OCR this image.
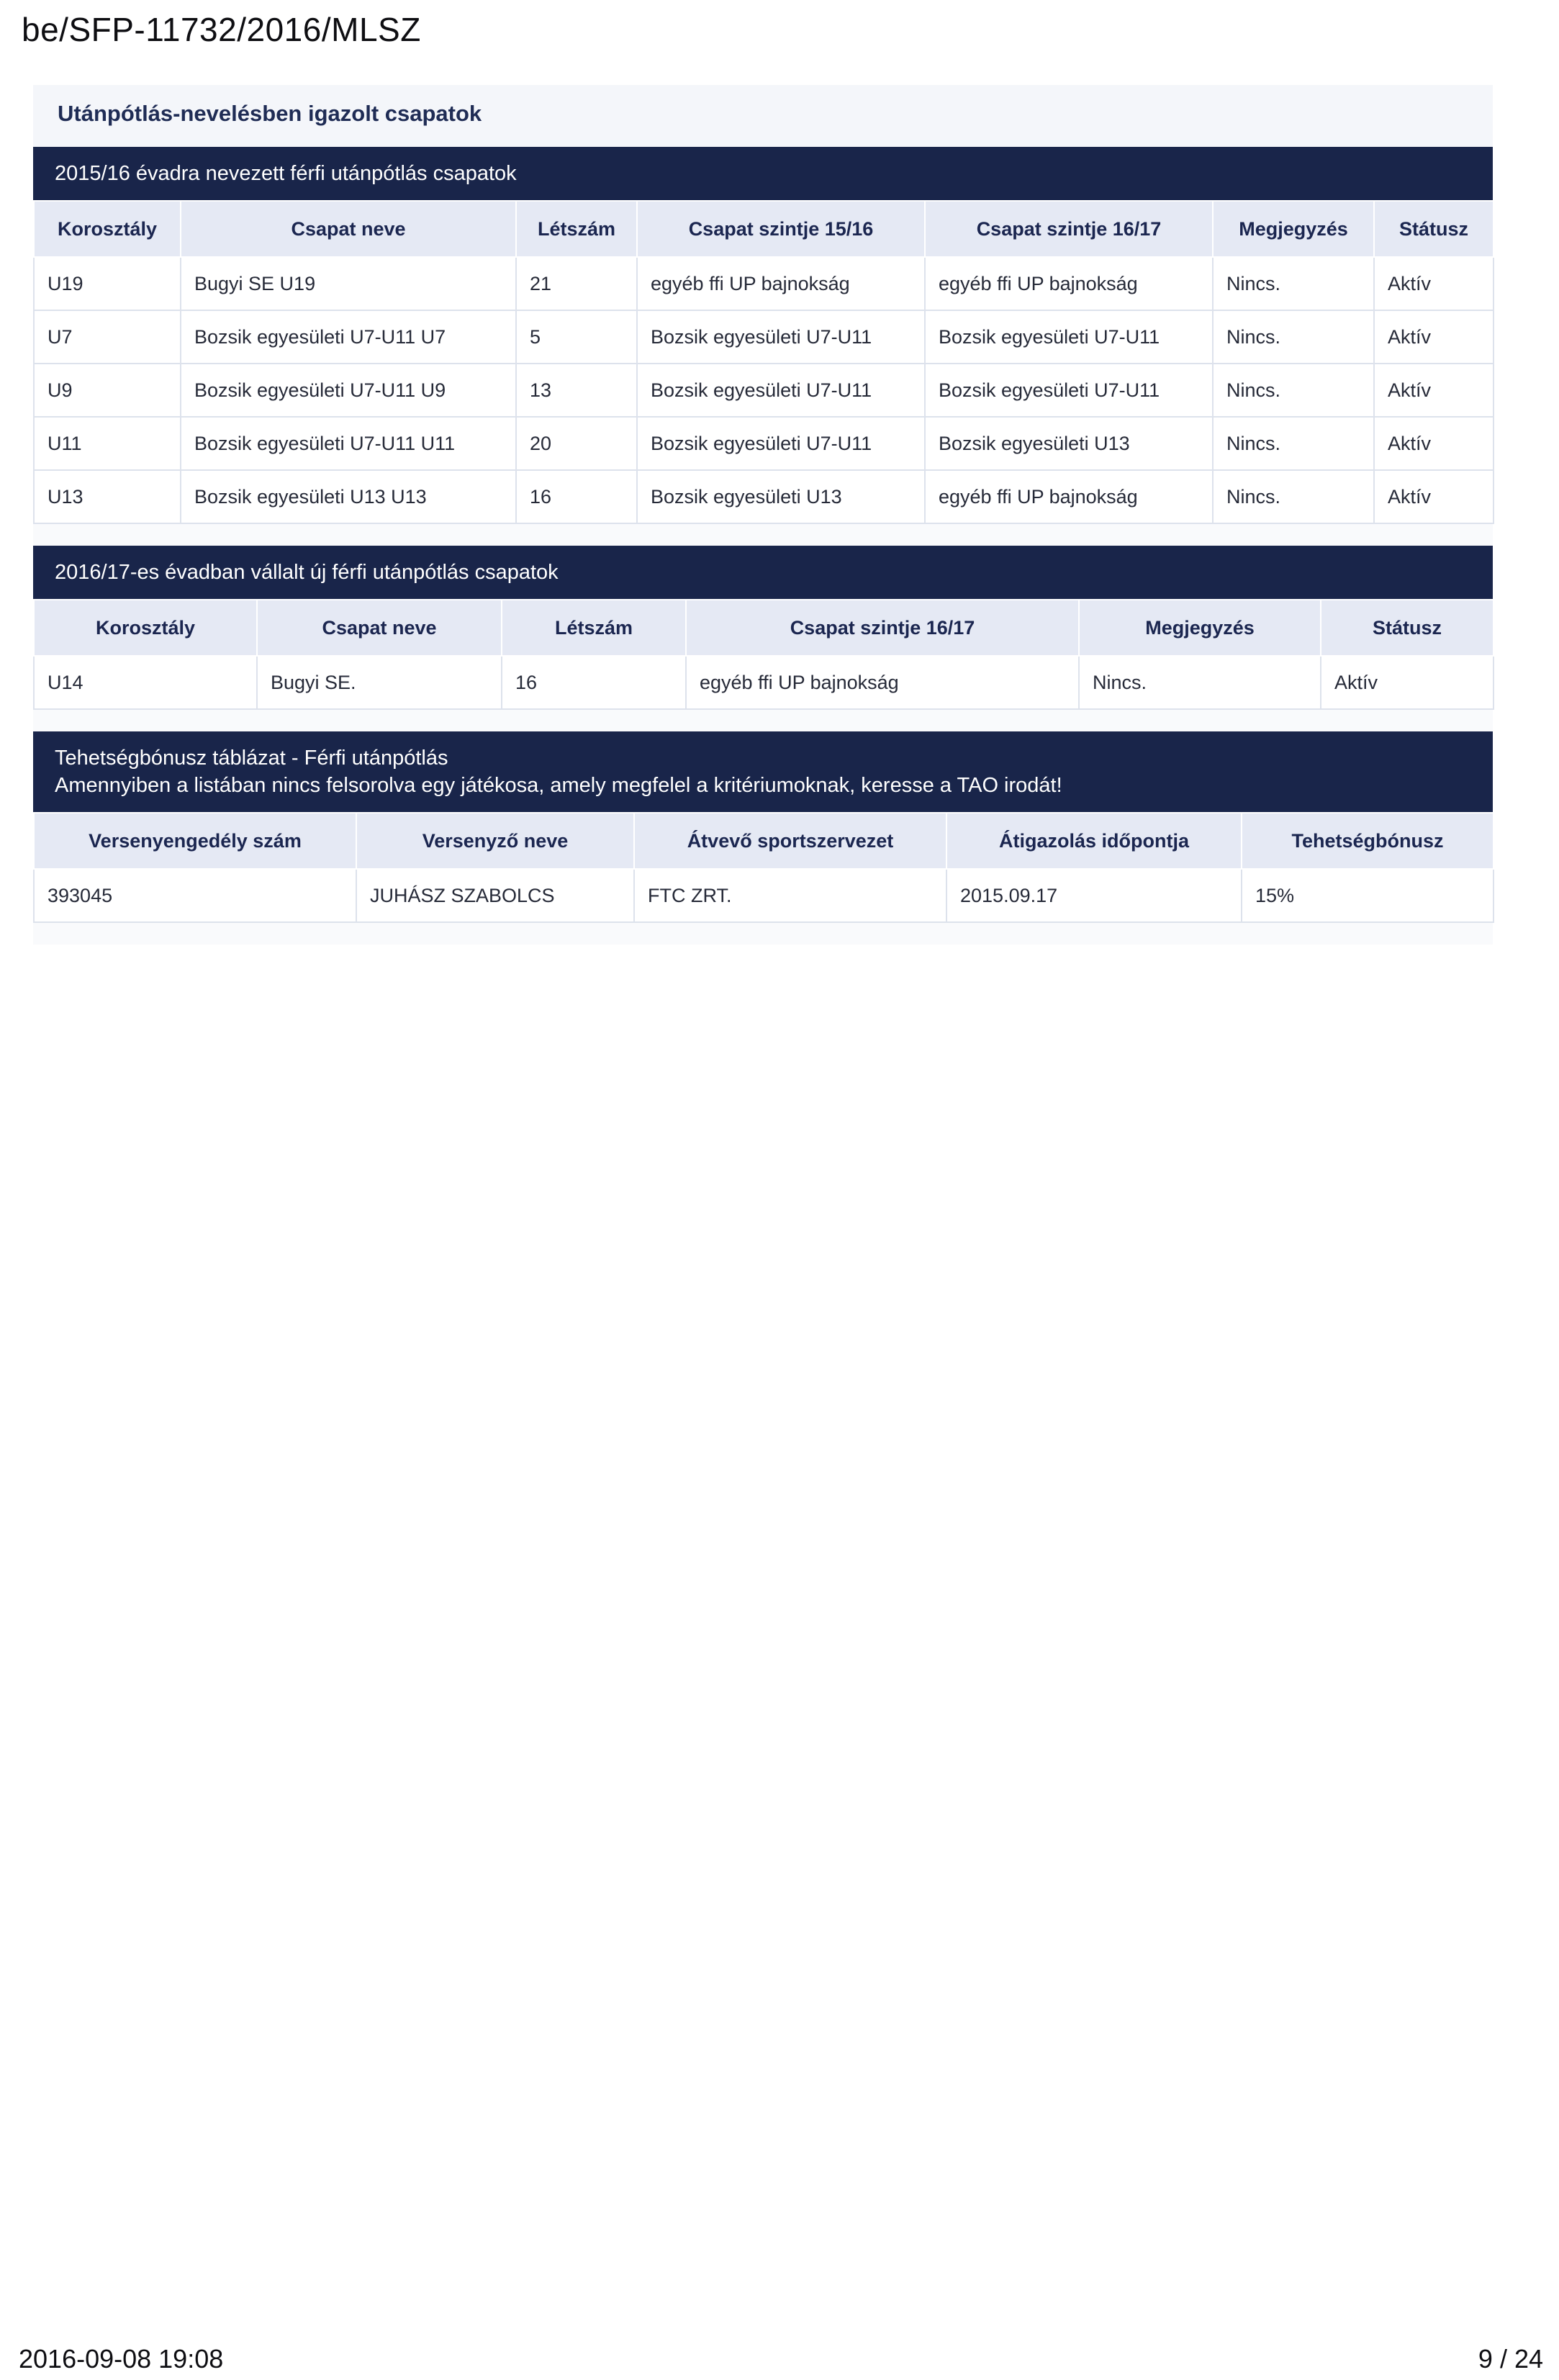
be/SFP-11732/2016/MLSZ
Utánpótlás-nevelésben igazolt csapatok
2015/16 évadra nevezett férfi utánpótlás csapatok
Korosztály	Csapat neve	Létszám	Csapat szintje 15/16	Csapat szintje 16/17	Megjegyzés	Státusz
U19	Bugyi SE U19	21	egyéb ffi UP bajnokság	egyéb ffi UP bajnokság	Nincs.	Aktív
U7	Bozsik egyesületi U7-U11 U7	5	Bozsik egyesületi U7-U11	Bozsik egyesületi U7-U11	Nincs.	Aktív
U9	Bozsik egyesületi U7-U11 U9	13	Bozsik egyesületi U7-U11	Bozsik egyesületi U7-U11	Nincs.	Aktív
U11	Bozsik egyesületi U7-U11 U11	20	Bozsik egyesületi U7-U11	Bozsik egyesületi U13	Nincs.	Aktív
U13	Bozsik egyesületi U13 U13	16	Bozsik egyesületi U13	egyéb ffi UP bajnokság	Nincs.	Aktív
2016/17-es évadban vállalt új férfi utánpótlás csapatok
Korosztály	Csapat neve	Létszám	Csapat szintje 16/17	Megjegyzés	Státusz
U14	Bugyi SE.	16	egyéb ffi UP bajnokság	Nincs.	Aktív
Tehetségbónusz táblázat - Férfi utánpótlás
Amennyiben a listában nincs felsorolva egy játékosa, amely megfelel a kritériumoknak, keresse a TAO irodát!
Versenyengedély szám	Versenyző neve	Átvevő sportszervezet	Átigazolás időpontja	Tehetségbónusz
393045	JUHÁSZ SZABOLCS	FTC ZRT.	2015.09.17	15%
2016-09-08 19:08	9 / 24
